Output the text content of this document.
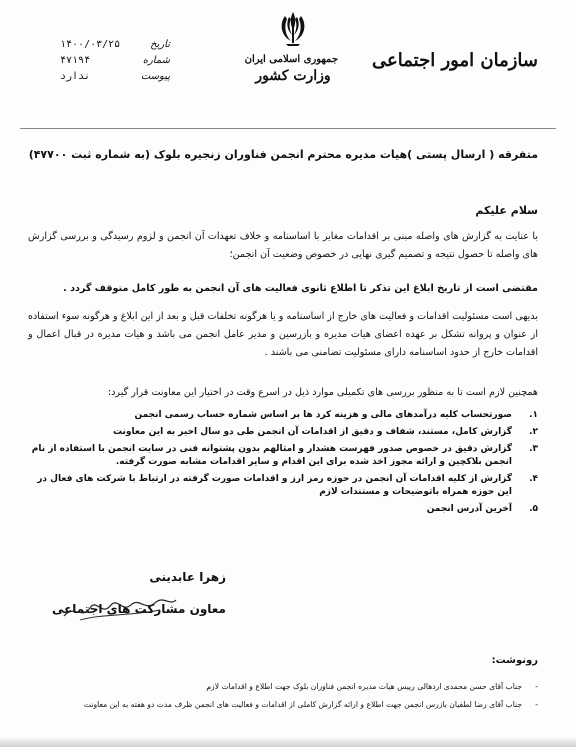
سازمان امور اجتماعی
جمهوری اسلامی ایران
وزارت کشور
تاریخ
۱۴۰۰/۰۳/۲۵
شماره
۴۷۱۹۴
پیوست
ندارد
متفرقه ( ارسال پستی )هیات مدیره محترم انجمن فناوران زنجیره بلوک (به شماره ثبت ۴۷۷۰۰)
سلام علیکم

با عنایت به گزارش های واصله مبنی بر اقدامات مغایر با اساسنامه و خلاف تعهدات آن انجمن و لزوم رسیدگی و بررسی گزارش های واصله تا حصول نتیجه و تصمیم گیری نهایی در خصوص وضعیت آن انجمن؛

مقتضی است از تاریخ ابلاغ این تذکر تا اطلاع ثانوی فعالیت های آن انجمن به طور کامل متوقف گردد .

بدیهی است مسئولیت اقدامات و فعالیت های خارج از اساسنامه و یا هرگونه تخلفات قبل و بعد از این ابلاغ و هرگونه سوء استفاده از عنوان و پروانه تشکل بر عهده اعضای هیات مدیره و بازرسین و مدیر عامل انجمن می باشد و هیات مدیره در قبال اعمال و اقدامات خارج از حدود اساسنامه دارای مسئولیت تضامنی می باشند .

همچنین لازم است تا به منظور بررسی های تکمیلی موارد ذیل در اسرع وقت در اختیار این معاونت قرار گیرد:

۱.
صورتحساب کلیه درآمدهای مالی و هزینه کرد ها بر اساس شماره حساب رسمی انجمن
۲.
گزارش کامل، مستند، شفاف و دقیق از اقدامات آن انجمن طی دو سال اخیر به این معاونت
۳.
گزارش دقیق در خصوص صدور فهرست هشدار و امثالهم بدون پشتوانه فنی در سایت انجمن با استفاده از نام انجمن بلاکچین و ارائه مجوز اخذ شده برای این اقدام و سایر اقدامات مشابه صورت گرفته.
۴.
گزارش از کلیه اقدامات آن انجمن در حوزه رمز ارز و اقدامات صورت گرفته در ارتباط با شرکت های فعال در این حوزه همراه باتوضیحات و مستندات لازم
۵.
آخرین آدرس انجمن
زهرا عابدینی
معاون مشارکت های اجتماعی
رونوشت:
-
جناب آقای حسن محمدی اردهالی رییس هیات مدیره انجمن فناوران بلوک جهت اطلاع و اقدامات لازم
-
جناب آقای رضا لطفیان بازرس انجمن جهت اطلاع و ارائه گزارش کاملی از اقدامات و فعالیت های انجمن ظرف مدت دو هفته به این معاونت
